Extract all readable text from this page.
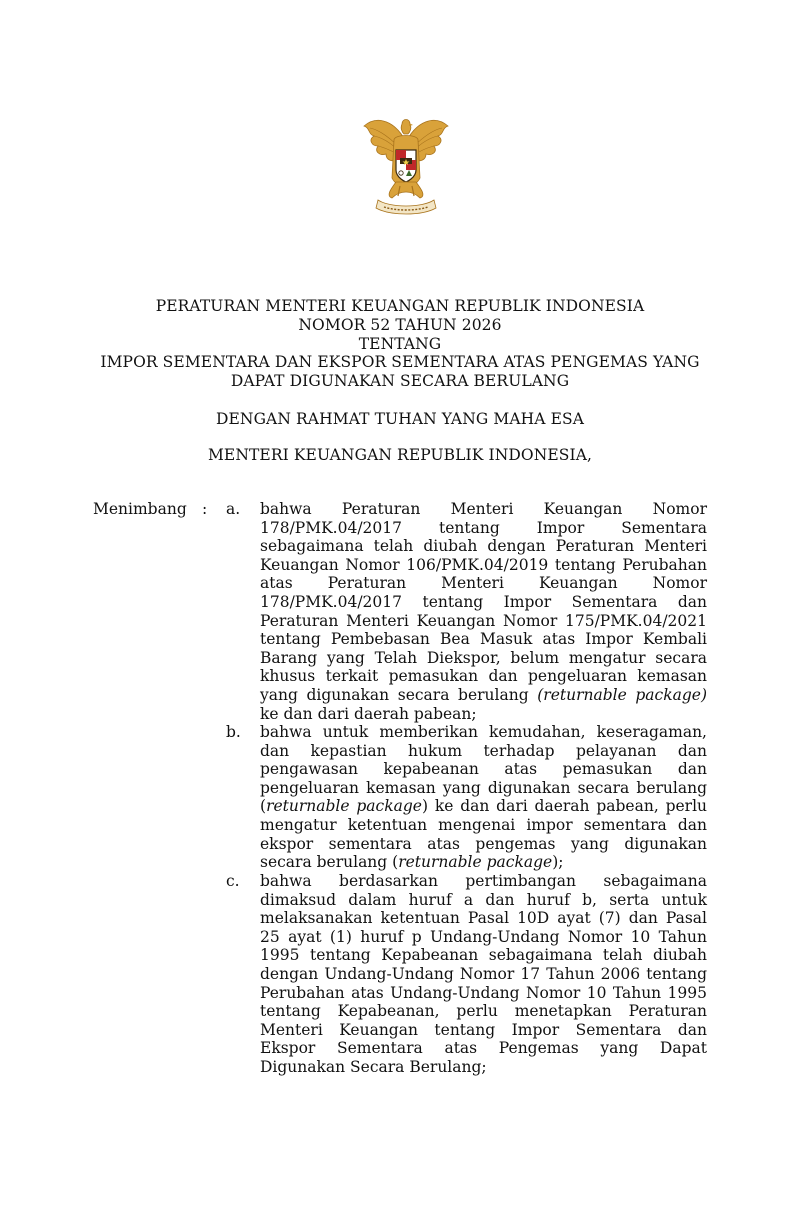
PERATURAN MENTERI KEUANGAN REPUBLIK INDONESIA
NOMOR 52 TAHUN 2026
TENTANG
IMPOR SEMENTARA DAN EKSPOR SEMENTARA ATAS PENGEMAS YANG
DAPAT DIGUNAKAN SECARA BERULANG
DENGAN RAHMAT TUHAN YANG MAHA ESA
MENTERI KEUANGAN REPUBLIK INDONESIA,
Menimbang : a. bahwa Peraturan Menteri Keuangan Nomor 178/PMK.04/2017 tentang Impor Sementara sebagaimana telah diubah dengan Peraturan Menteri Keuangan Nomor 106/PMK.04/2019 tentang Perubahan atas Peraturan Menteri Keuangan Nomor 178/PMK.04/2017 tentang Impor Sementara dan Peraturan Menteri Keuangan Nomor 175/PMK.04/2021 tentang Pembebasan Bea Masuk atas Impor Kembali Barang yang Telah Diekspor, belum mengatur secara khusus terkait pemasukan dan pengeluaran kemasan yang digunakan secara berulang (returnable package) ke dan dari daerah pabean;
b. bahwa untuk memberikan kemudahan, keseragaman, dan kepastian hukum terhadap pelayanan dan pengawasan kepabeanan atas pemasukan dan pengeluaran kemasan yang digunakan secara berulang (returnable package) ke dan dari daerah pabean, perlu mengatur ketentuan mengenai impor sementara dan ekspor sementara atas pengemas yang digunakan secara berulang (returnable package);
c. bahwa berdasarkan pertimbangan sebagaimana dimaksud dalam huruf a dan huruf b, serta untuk melaksanakan ketentuan Pasal 10D ayat (7) dan Pasal 25 ayat (1) huruf p Undang-Undang Nomor 10 Tahun 1995 tentang Kepabeanan sebagaimana telah diubah dengan Undang-Undang Nomor 17 Tahun 2006 tentang Perubahan atas Undang-Undang Nomor 10 Tahun 1995 tentang Kepabeanan, perlu menetapkan Peraturan Menteri Keuangan tentang Impor Sementara dan Ekspor Sementara atas Pengemas yang Dapat Digunakan Secara Berulang;
